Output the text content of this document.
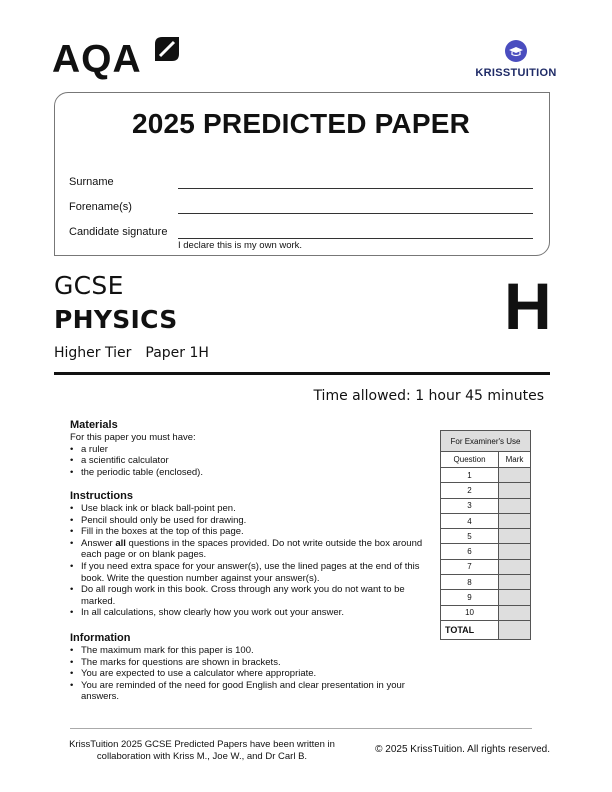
AQA	KRISSTUITION
2025 PREDICTED PAPER
Surname
Forename(s)
Candidate signature
I declare this is my own work.
GCSE
PHYSICS	H
Higher Tier Paper 1H
Time allowed: 1 hour 45 minutes
Materials

For this paper you must have:

• a ruler
• a scientific calculator
• the periodic table (enclosed).
Instructions
• Use black ink or black ball-point pen.
• Pencil should only be used for drawing.
• Fill in the boxes at the top of this page.
• Answer all questions in the spaces provided. Do not write outside the box around each page or on blank pages.
• If you need extra space for your answer(s), use the lined pages at the end of this book. Write the question number against your answer(s).
• Do all rough work in this book. Cross through any work you do not want to be marked.
• In all calculations, show clearly how you work out your answer.
Information
• The maximum mark for this paper is 100.
• The marks for questions are shown in brackets.
• You are expected to use a calculator where appropriate.
• You are reminded of the need for good English and clear presentation in your answers.
For Examiner's Use	
Question	Mark
1	
2	
3	
4	
5	
6	
7	
8	
9	
10	
TOTAL	
KrissTuition 2025 GCSE Predicted Papers have been written in collaboration with Kriss M., Joe W., and Dr Carl B.
© 2025 KrissTuition. All rights reserved.
